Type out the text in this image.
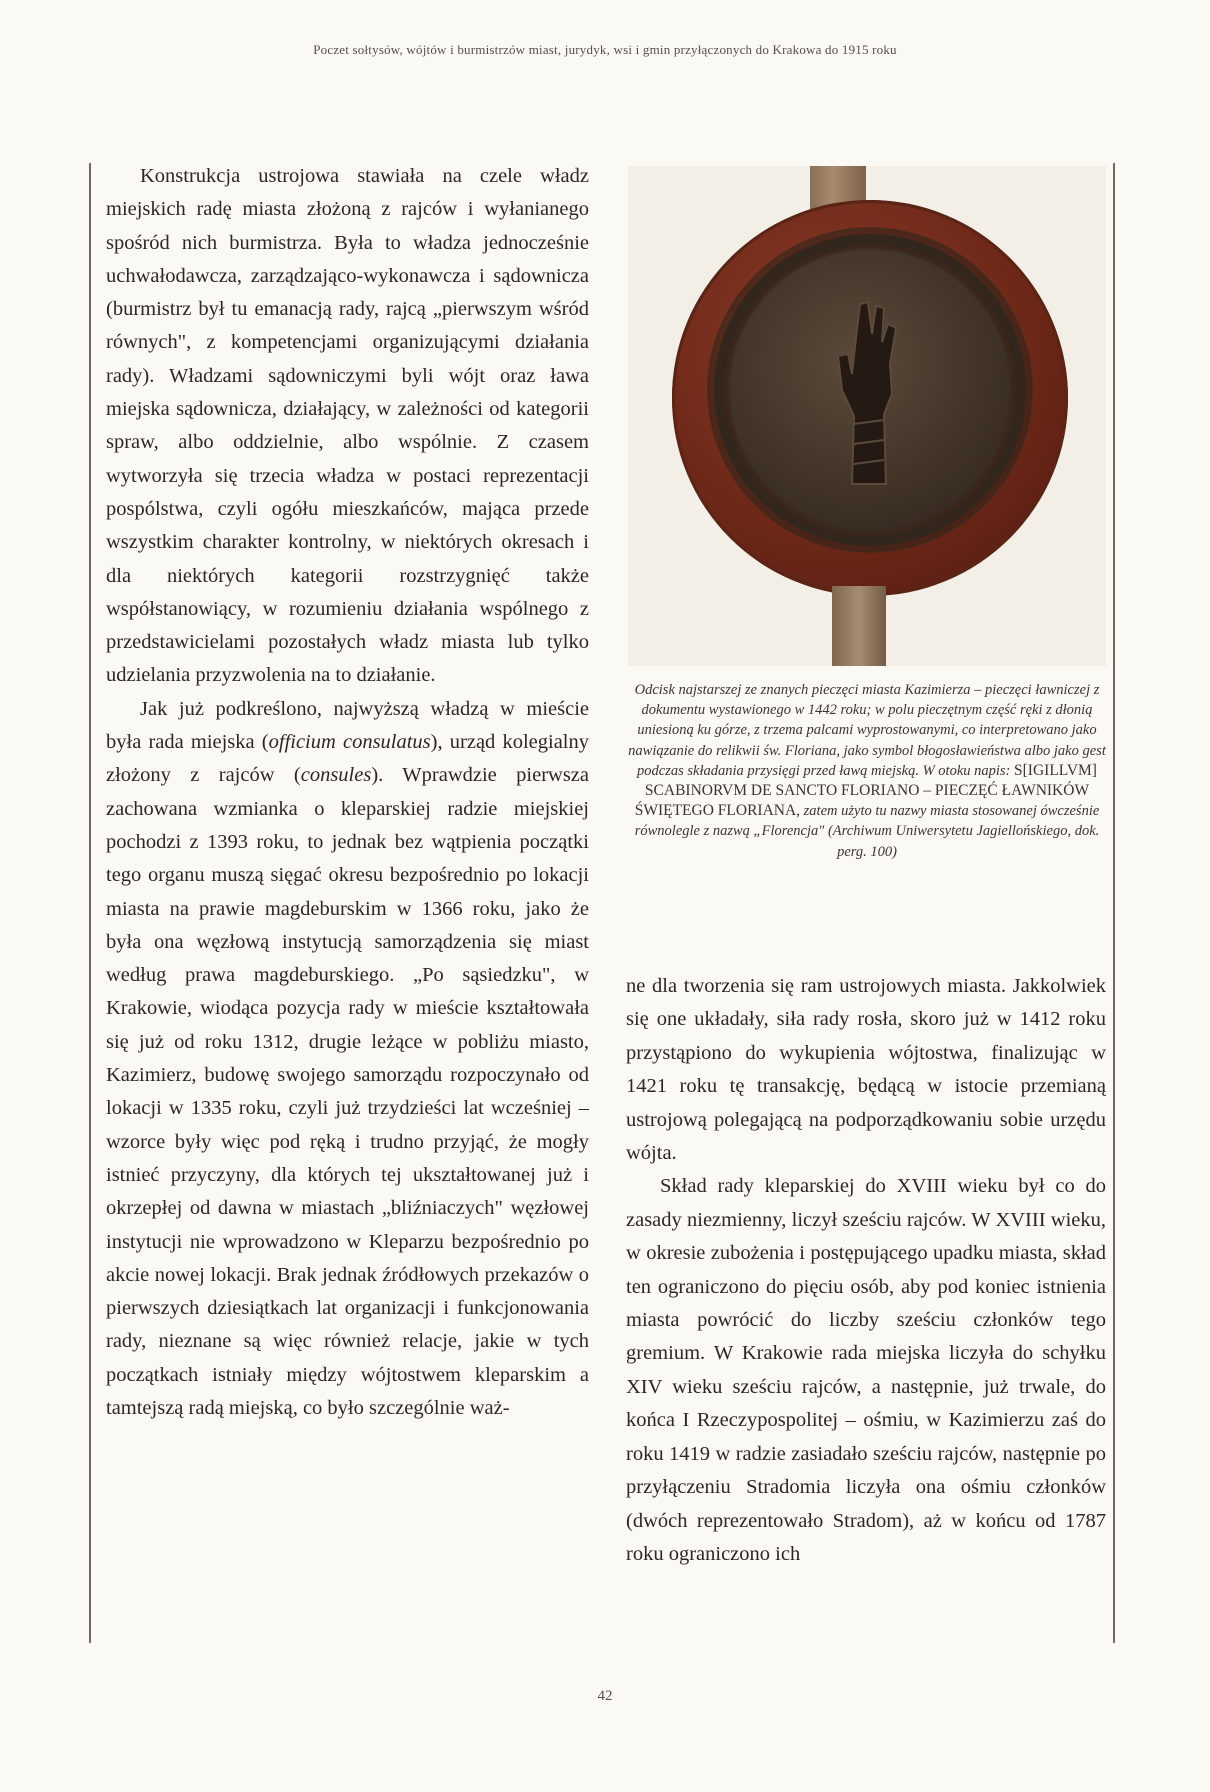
Poczet sołtysów, wójtów i burmistrzów miast, jurydyk, wsi i gmin przyłączonych do Krakowa do 1915 roku

Konstrukcja ustrojowa stawiała na czele władz miejskich radę miasta złożoną z rajców i wyłanianego spośród nich burmistrza. Była to władza jednocześnie uchwałodawcza, zarządzająco-wykonawcza i sądownicza (burmistrz był tu emanacją rady, rajcą „pierwszym wśród równych", z kompetencjami organizującymi działania rady). Władzami sądowniczymi byli wójt oraz ława miejska sądownicza, działający, w zależności od kategorii spraw, albo oddzielnie, albo wspólnie. Z czasem wytworzyła się trzecia władza w postaci reprezentacji pospólstwa, czyli ogółu mieszkańców, mająca przede wszystkim charakter kontrolny, w niektórych okresach i dla niektórych kategorii rozstrzygnięć także współstanowiący, w rozumieniu działania wspólnego z przedstawicielami pozostałych władz miasta lub tylko udzielania przyzwolenia na to działanie.

Jak już podkreślono, najwyższą władzą w mieście była rada miejska (officium consulatus), urząd kolegialny złożony z rajców (consules). Wprawdzie pierwsza zachowana wzmianka o kleparskiej radzie miejskiej pochodzi z 1393 roku, to jednak bez wątpienia początki tego organu muszą sięgać okresu bezpośrednio po lokacji miasta na prawie magdeburskim w 1366 roku, jako że była ona węzłową instytucją samorządzenia się miast według prawa magdeburskiego. „Po sąsiedzku", w Krakowie, wiodąca pozycja rady w mieście kształtowała się już od roku 1312, drugie leżące w pobliżu miasto, Kazimierz, budowę swojego samorządu rozpoczynało od lokacji w 1335 roku, czyli już trzydzieści lat wcześniej – wzorce były więc pod ręką i trudno przyjąć, że mogły istnieć przyczyny, dla których tej ukształtowanej już i okrzepłej od dawna w miastach „bliźniaczych" węzłowej instytucji nie wprowadzono w Kleparzu bezpośrednio po akcie nowej lokacji. Brak jednak źródłowych przekazów o pierwszych dziesiątkach lat organizacji i funkcjonowania rady, nieznane są więc również relacje, jakie w tych początkach istniały między wójtostwem kleparskim a tamtejszą radą miejską, co było szczególnie waż-

Odcisk najstarszej ze znanych pieczęci miasta Kazimierza – pieczęci ławniczej z dokumentu wystawionego w 1442 roku; w polu pieczętnym część ręki z dłonią uniesioną ku górze, z trzema palcami wyprostowanymi, co interpretowano jako nawiązanie do relikwii św. Floriana, jako symbol błogosławieństwa albo jako gest podczas składania przysięgi przed ławą miejską. W otoku napis: S[IGILLVM] SCABINORVM DE SANCTO FLORIANO – PIECZĘĆ ŁAWNIKÓW ŚWIĘTEGO FLORIANA, zatem użyto tu nazwy miasta stosowanej ówcześnie równolegle z nazwą „Florencja" (Archiwum Uniwersytetu Jagiellońskiego, dok. perg. 100)

ne dla tworzenia się ram ustrojowych miasta. Jakkolwiek się one układały, siła rady rosła, skoro już w 1412 roku przystąpiono do wykupienia wójtostwa, finalizując w 1421 roku tę transakcję, będącą w istocie przemianą ustrojową polegającą na podporządkowaniu sobie urzędu wójta.

Skład rady kleparskiej do XVIII wieku był co do zasady niezmienny, liczył sześciu rajców. W XVIII wieku, w okresie zubożenia i postępującego upadku miasta, skład ten ograniczono do pięciu osób, aby pod koniec istnienia miasta powrócić do liczby sześciu członków tego gremium. W Krakowie rada miejska liczyła do schyłku XIV wieku sześciu rajców, a następnie, już trwale, do końca I Rzeczypospolitej – ośmiu, w Kazimierzu zaś do roku 1419 w radzie zasiadało sześciu rajców, następnie po przyłączeniu Stradomia liczyła ona ośmiu członków (dwóch reprezentowało Stradom), aż w końcu od 1787 roku ograniczono ich

42
